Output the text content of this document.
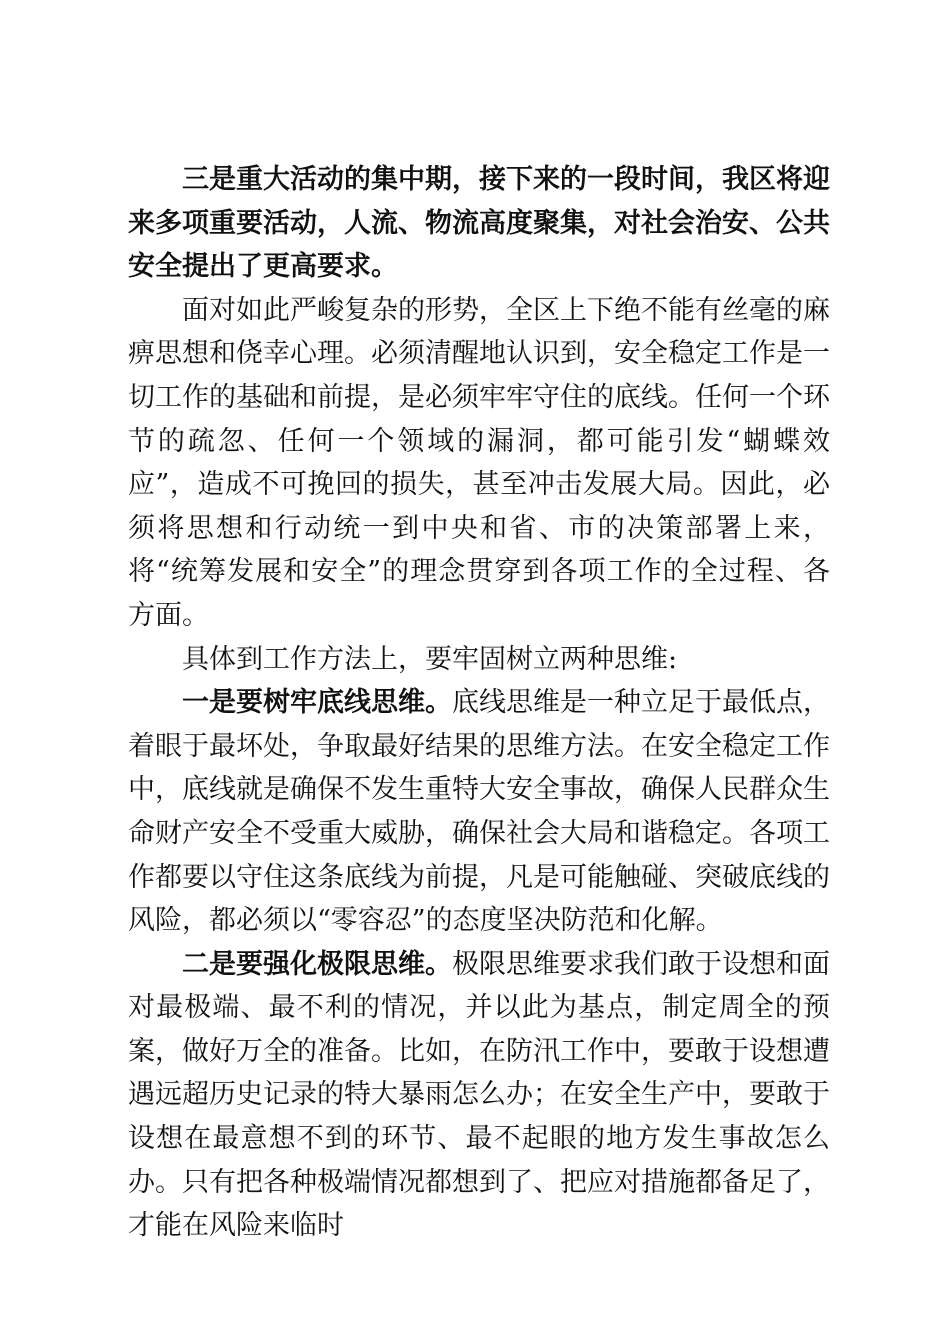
三是重大活动的集中期，接下来的一段时间，我区将迎来多项重要活动，人流、物流高度聚集，对社会治安、公共安全提出了更高要求。

面对如此严峻复杂的形势，全区上下绝不能有丝毫的麻痹思想和侥幸心理。必须清醒地认识到，安全稳定工作是一切工作的基础和前提，是必须牢牢守住的底线。任何一个环节的疏忽、任何一个领域的漏洞，都可能引发“蝴蝶效应”，造成不可挽回的损失，甚至冲击发展大局。因此，必须将思想和行动统一到中央和省、市的决策部署上来，将“统筹发展和安全”的理念贯穿到各项工作的全过程、各方面。

具体到工作方法上，要牢固树立两种思维:

一是要树牢底线思维。底线思维是一种立足于最低点，着眼于最坏处，争取最好结果的思维方法。在安全稳定工作中，底线就是确保不发生重特大安全事故，确保人民群众生命财产安全不受重大威胁，确保社会大局和谐稳定。各项工作都要以守住这条底线为前提，凡是可能触碰、突破底线的风险，都必须以“零容忍”的态度坚决防范和化解。

二是要强化极限思维。极限思维要求我们敢于设想和面对最极端、最不利的情况，并以此为基点，制定周全的预案，做好万全的准备。比如，在防汛工作中，要敢于设想遭遇远超历史记录的特大暴雨怎么办；在安全生产中，要敢于设想在最意想不到的环节、最不起眼的地方发生事故怎么办。只有把各种极端情况都想到了、把应对措施都备足了，才能在风险来临时
